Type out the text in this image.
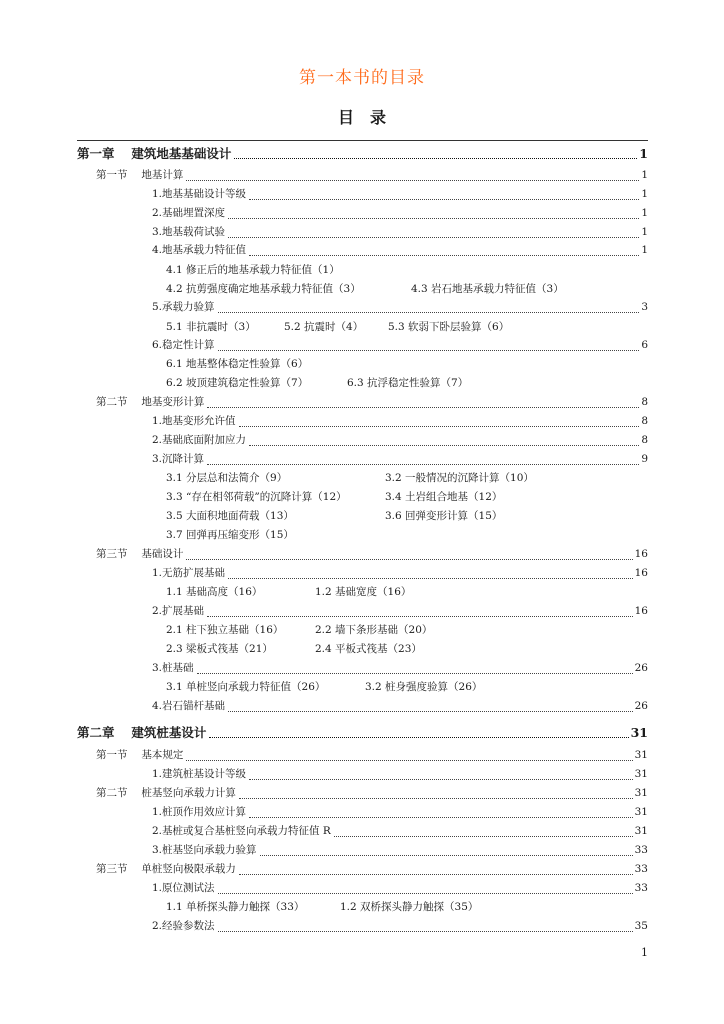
第一本书的目录
目　录
第一章　 建筑地基基础设计	1
第一节　 地基计算	1
1.地基基础设计等级	1
2.基础埋置深度	1
3.地基载荷试验	1
4.地基承载力特征值	1
4.1 修正后的地基承载力特征值（1）
4.2 抗剪强度确定地基承载力特征值（3）	4.3 岩石地基承载力特征值（3）
5.承载力验算	3
5.1 非抗震时（3）	5.2 抗震时（4） 5.3 软弱下卧层验算（6）
6.稳定性计算	6
6.1 地基整体稳定性验算（6）
6.2 坡顶建筑稳定性验算（7）	6.3 抗浮稳定性验算（7）
第二节　 地基变形计算	8
1.地基变形允许值	8
2.基础底面附加应力	8
3.沉降计算	9
3.1 分层总和法简介（9）	3.2 一般情况的沉降计算（10）
3.3 “存在相邻荷载”的沉降计算（12）	3.4 土岩组合地基（12）
3.5 大面积地面荷载（13）	3.6 回弹变形计算（15）
3.7 回弹再压缩变形（15）
第三节　 基础设计	16
1.无筋扩展基础	16
1.1 基础高度（16）	1.2 基础宽度（16）
2.扩展基础	16
2.1 柱下独立基础（16）	2.2 墙下条形基础（20）
2.3 梁板式筏基（21）	2.4 平板式筏基（23）
3.桩基础	26
3.1 单桩竖向承载力特征值（26）	3.2 桩身强度验算（26）
4.岩石锚杆基础	26
第二章　 建筑桩基设计	31
第一节　 基本规定	31
1.建筑桩基设计等级	31
第二节　 桩基竖向承载力计算	31
1.桩顶作用效应计算	31
2.基桩或复合基桩竖向承载力特征值 R	31
3.桩基竖向承载力验算	33
第三节　 单桩竖向极限承载力	33
1.原位测试法	33
1.1 单桥探头静力触探（33）	1.2 双桥探头静力触探（35）
2.经验参数法	35
1
